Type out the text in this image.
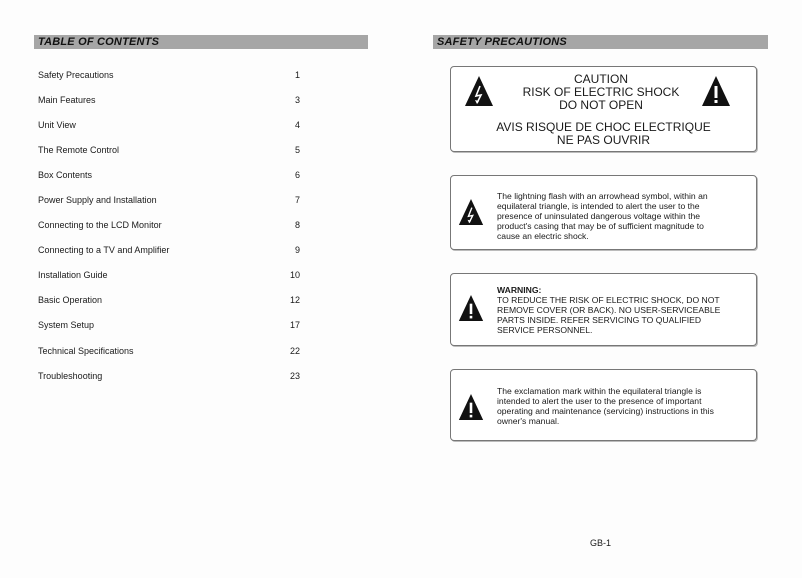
TABLE OF CONTENTS
Safety Precautions	1
Main Features	3
Unit View	4
The Remote Control	5
Box Contents	6
Power Supply and Installation	7
Connecting to the LCD Monitor	8
Connecting to a TV and Amplifier	9
Installation Guide	10
Basic Operation	12
System Setup	17
Technical Specifications	22
Troubleshooting	23
SAFETY PRECAUTIONS
CAUTION
RISK OF ELECTRIC SHOCK
DO NOT OPEN
AVIS RISQUE DE CHOC ELECTRIQUE
NE PAS OUVRIR
The lightning flash with an arrowhead symbol, within an
equilateral triangle, is intended to alert the user to the
presence of uninsulated dangerous voltage within the
product's casing that may be of sufficient magnitude to
cause an electric shock.
WARNING:
TO REDUCE THE RISK OF ELECTRIC SHOCK, DO NOT
REMOVE COVER (OR BACK). NO USER-SERVICEABLE
PARTS INSIDE. REFER SERVICING TO QUALIFIED
SERVICE PERSONNEL.
The exclamation mark within the equilateral triangle is
intended to alert the user to the presence of important
operating and maintenance (servicing) instructions in this
owner's manual.
GB-1
